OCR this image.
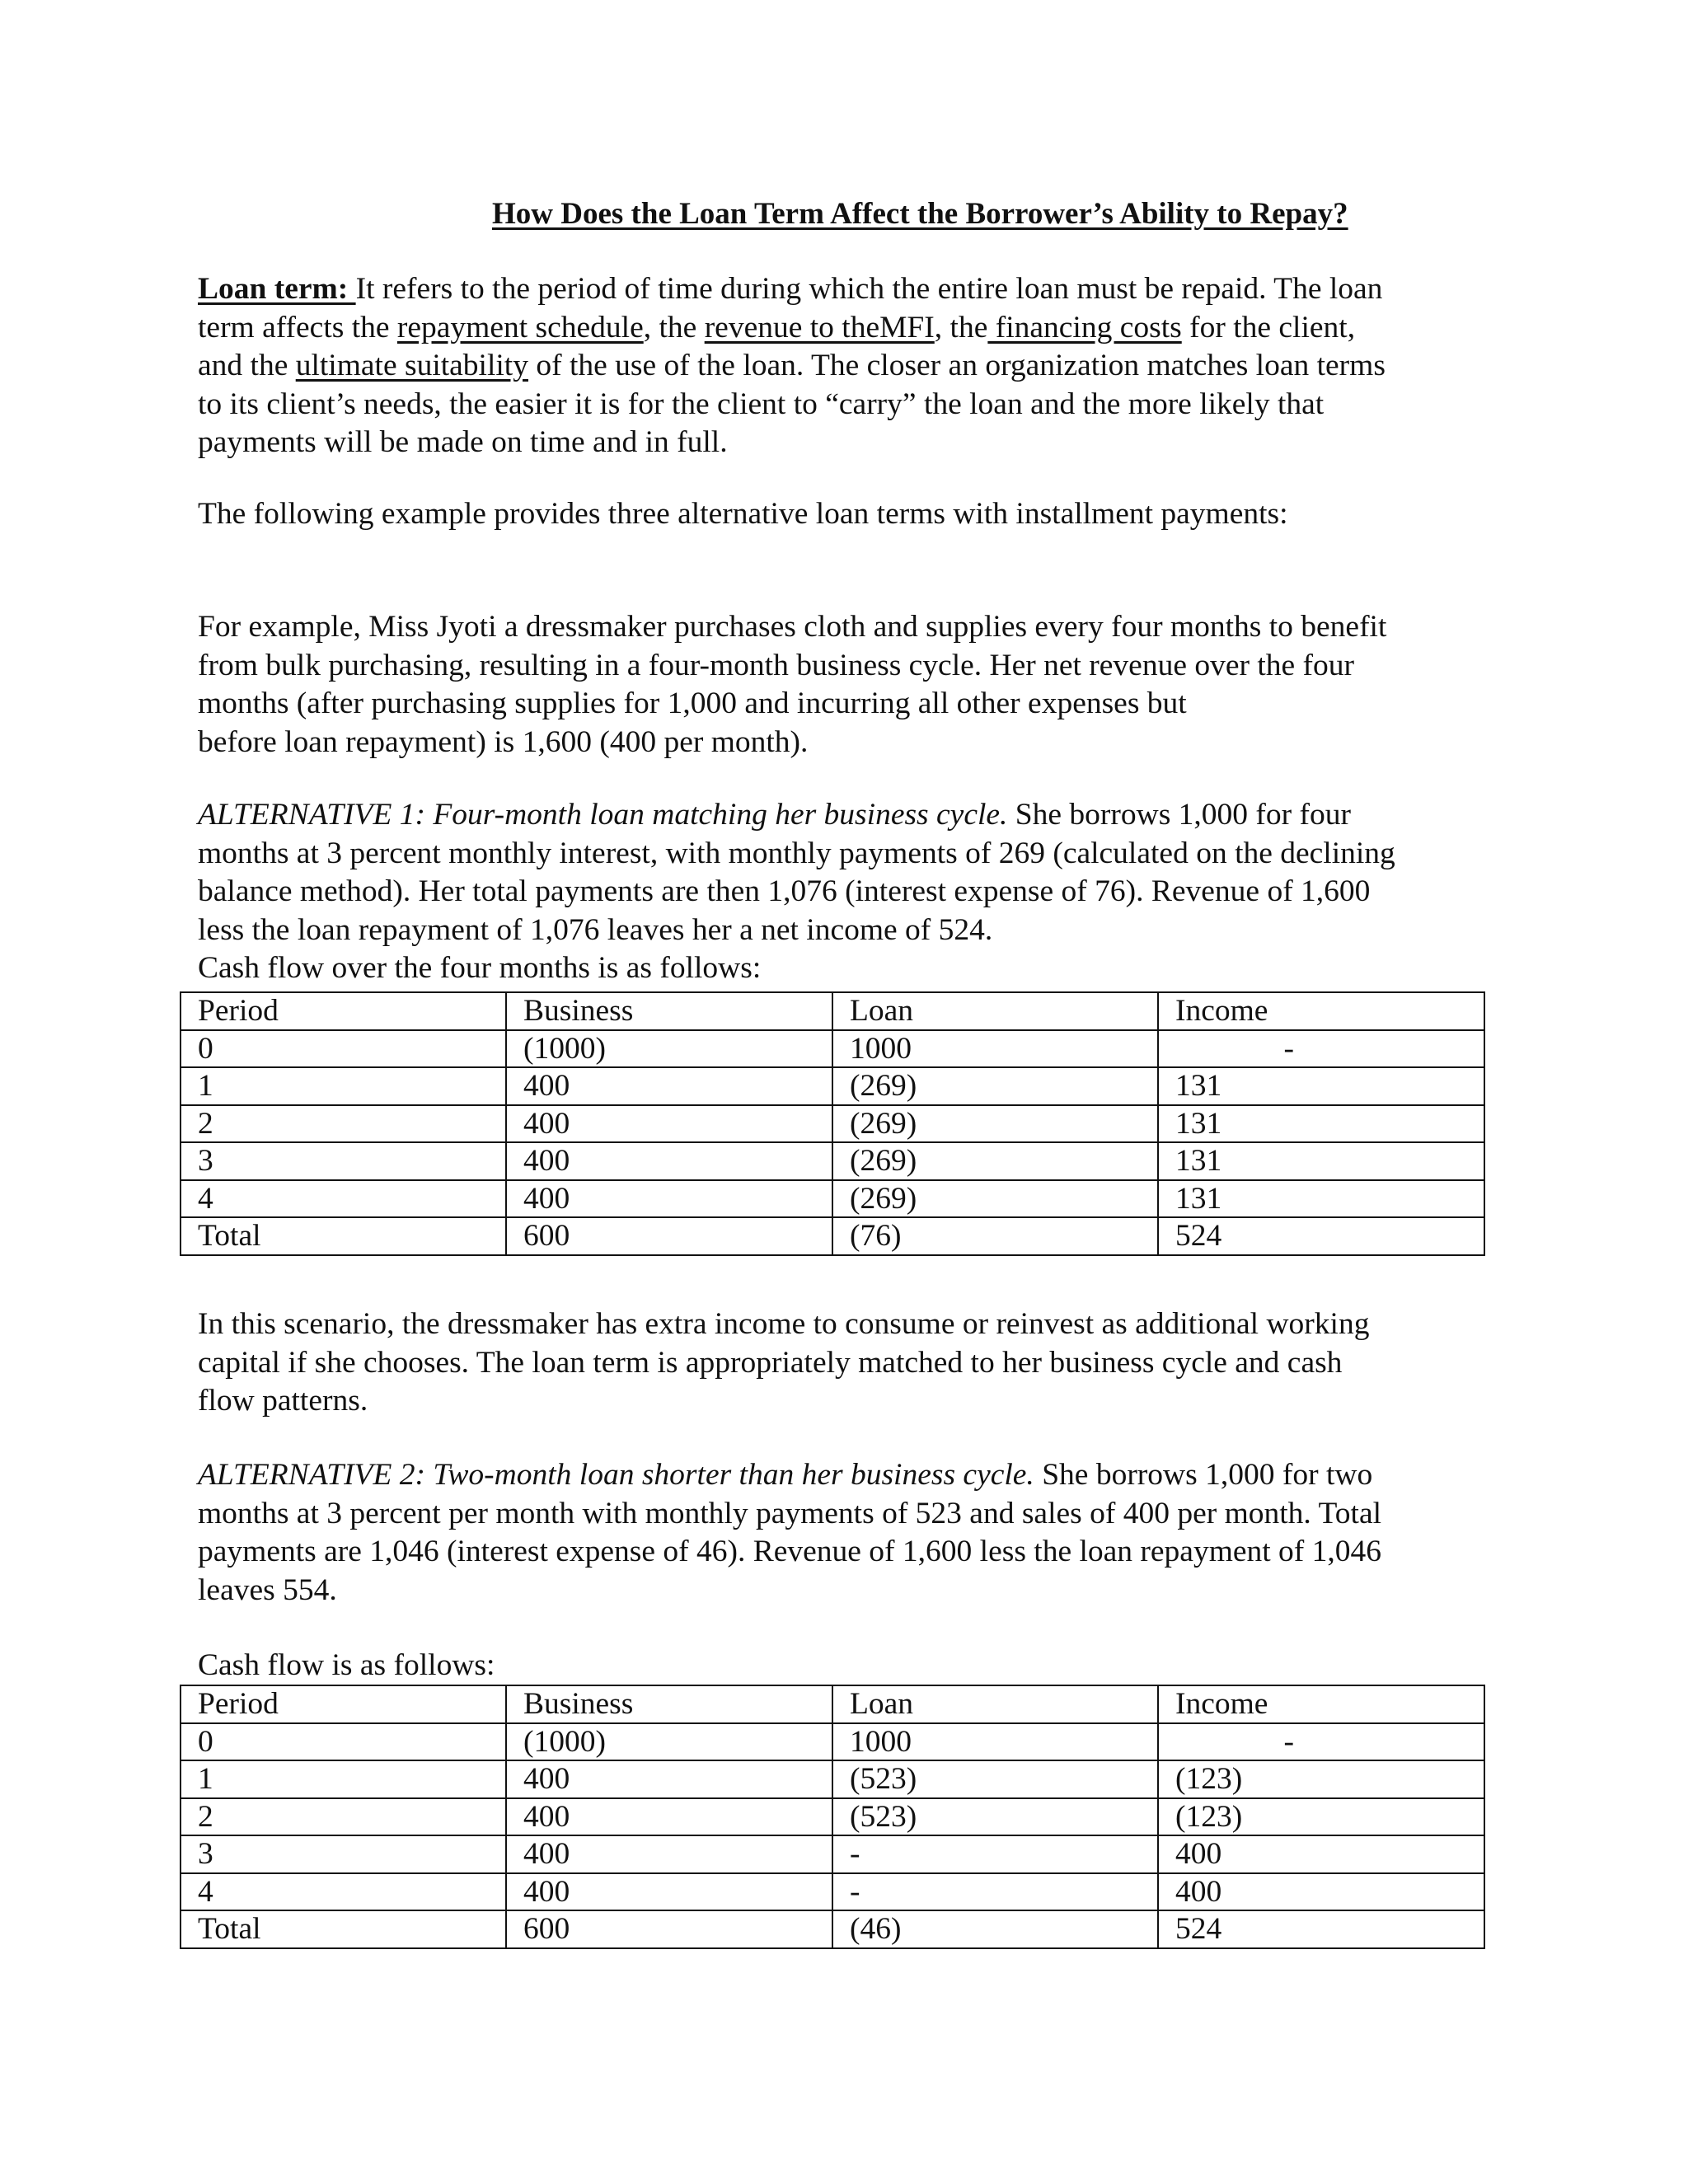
How Does the Loan Term Affect the Borrower’s Ability to Repay?

Loan term: It refers to the period of time during which the entire loan must be repaid. The loan
term affects the repayment schedule, the revenue to theMFI, the financing costs for the client,
and the ultimate suitability of the use of the loan. The closer an organization matches loan terms
to its client’s needs, the easier it is for the client to “carry” the loan and the more likely that
payments will be made on time and in full.

The following example provides three alternative loan terms with installment payments:

For example, Miss Jyoti a dressmaker purchases cloth and supplies every four months to benefit
from bulk purchasing, resulting in a four-month business cycle. Her net revenue over the four
months (after purchasing supplies for 1,000 and incurring all other expenses but
before loan repayment) is 1,600 (400 per month).

ALTERNATIVE 1: Four-month loan matching her business cycle. She borrows 1,000 for four
months at 3 percent monthly interest, with monthly payments of 269 (calculated on the declining
balance method). Her total payments are then 1,076 (interest expense of 76). Revenue of 1,600
less the loan repayment of 1,076 leaves her a net income of 524.
Cash flow over the four months is as follows:

Period	Business	Loan	Income
0	(1000)	1000	-
1	400	(269)	131
2	400	(269)	131
3	400	(269)	131
4	400	(269)	131
Total	600	(76)	524

In this scenario, the dressmaker has extra income to consume or reinvest as additional working
capital if she chooses. The loan term is appropriately matched to her business cycle and cash
flow patterns.

ALTERNATIVE 2: Two-month loan shorter than her business cycle. She borrows 1,000 for two
months at 3 percent per month with monthly payments of 523 and sales of 400 per month. Total
payments are 1,046 (interest expense of 46). Revenue of 1,600 less the loan repayment of 1,046
leaves 554.

Cash flow is as follows:

Period	Business	Loan	Income
0	(1000)	1000	-
1	400	(523)	(123)
2	400	(523)	(123)
3	400	-	400
4	400	-	400
Total	600	(46)	524
